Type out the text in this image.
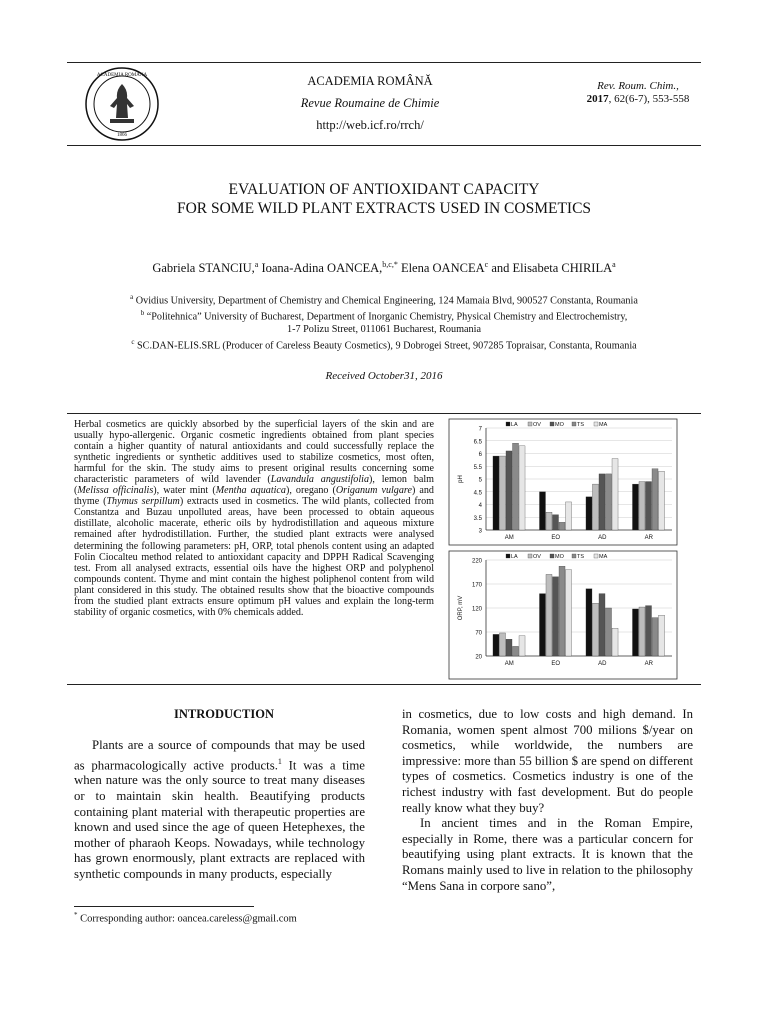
ACADEMIA ROMANA
1866
ACADEMIA ROMÂNĂ
Revue Roumaine de Chimie
http://web.icf.ro/rrch/
Rev. Roum. Chim.,
2017, 62(6-7), 553-558
EVALUATION OF ANTIOXIDANT CAPACITY
FOR SOME WILD PLANT EXTRACTS USED IN COSMETICS
Gabriela STANCIU,$^a$ Ioana-Adina OANCEA,$^{b,c,*}$ Elena OANCEA$^c$ and Elisabeta CHIRILA$^a$
$^a$ Ovidius University, Department of Chemistry and Chemical Engineering, 124 Mamaia Blvd, 900527 Constanta, Roumania
$^b$ “Politehnica” University of Bucharest, Department of Inorganic Chemistry, Physical Chemistry and Electrochemistry,
1-7 Polizu Street, 011061 Bucharest, Roumania
$^c$ SC.DAN-ELIS.SRL (Producer of Careless Beauty Cosmetics), 9 Dobrogei Street, 907285 Topraisar, Constanta, Roumania
Received October31, 2016
Herbal cosmetics are quickly absorbed by the superficial layers of the skin and are usually hypo-allergenic. Organic cosmetic ingredients obtained from plant species contain a higher quantity of natural antioxidants and could successfully replace the synthetic ingredients or synthetic additives used to stabilize cosmetics, most often, harmful for the skin. The study aims to present original results concerning some characteristic parameters of wild lavender (Lavandula angustifolia), lemon balm (Melissa officinalis), water mint (Mentha aquatica), oregano (Origanum vulgare) and thyme (Thymus serpillum) extracts used in cosmetics. The wild plants, collected from Constantza and Buzau unpolluted areas, have been processed to obtain aqueous distillate, alcoholic macerate, etheric oils by hydrodistillation and aqueous mixture remained after hydrodistillation. Further, the studied plant extracts were analysed determining the following parameters: pH, ORP, total phenols content using an adapted Folin Ciocalteu method related to antioxidant capacity and DPPH Radical Scavenging test. From all analysed extracts, essential oils have the highest ORP and polyphenol compounds content. Thyme and mint contain the highest poliphenol content from wild plant considered in this study. The obtained results show that the bioactive compounds from the studied plant extracts ensure optimum pH values and explain the long-term stability of organic cosmetics, with 0% chemicals added.
7
6.5
6
5.5
5
4.5
4
3.5
3
pH
LA	OV	MO TS	MA
AM	EO	AD	AR
220
170
120
70
20
ORP, mV
LA	OV	MO TS	MA
AM	EO	AD	AR
INTRODUCTION
Plants are a source of compounds that may be used as pharmacologically active products.$^1$ It was a time when nature was the only source to treat many diseases or to maintain skin health. Beautifying products containing plant material with therapeutic properties are known and used since the age of queen Hetephexes, the mother of pharaoh Keops. Nowadays, while technology has grown enormously, plant extracts are replaced with synthetic compounds in many products, especially
in cosmetics, due to low costs and high demand. In Romania, women spent almost 700 milions $/year on cosmetics, while worldwide, the numbers are impressive: more than 55 billion $ are spend on different types of cosmetics. Cosmetics industry is one of the richest industry with fast development. But do people really know what they buy?
In ancient times and in the Roman Empire, especially in Rome, there was a particular concern for beautifying using plant extracts. It is known that the Romans mainly used to live in relation to the philosophy “Mens Sana in corpore sano”,
* Corresponding author: oancea.careless@gmail.com
